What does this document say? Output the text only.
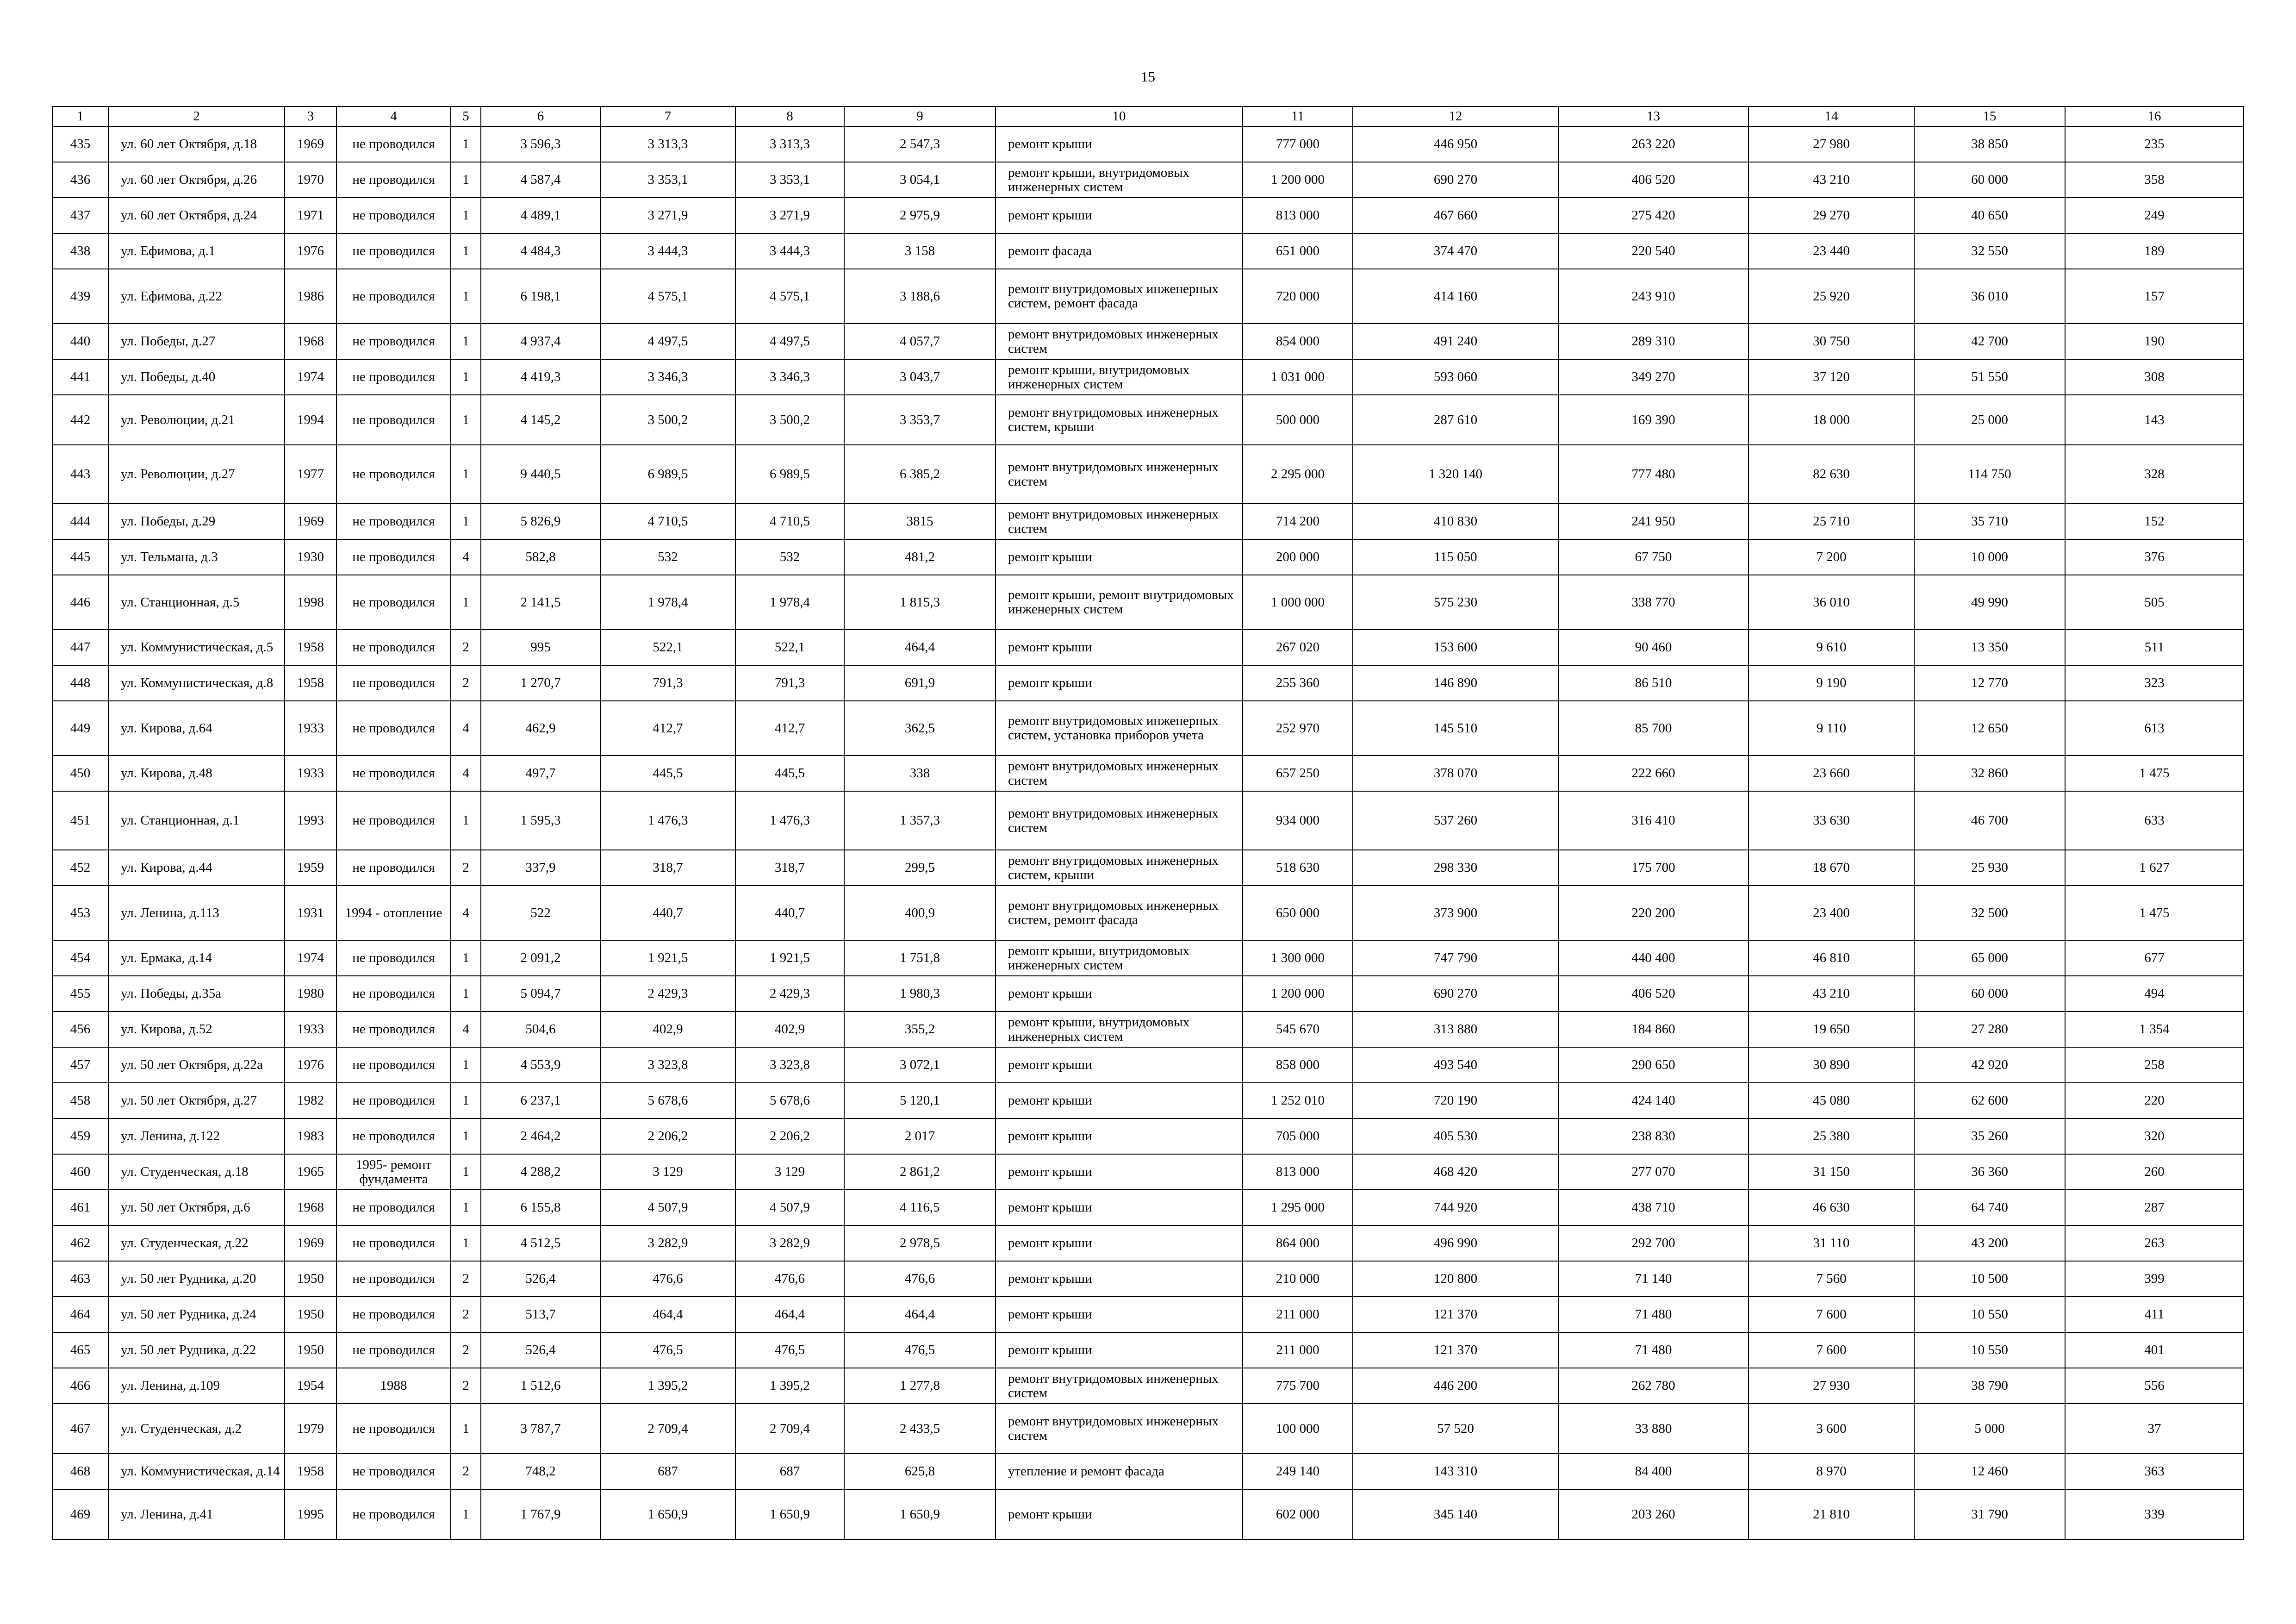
15
1	2	3	4	5	6	7	8	9	10	11	12	13	14	15	16
435	ул. 60 лет Октября, д.18	1969	не проводился	1	3 596,3	3 313,3	3 313,3	2 547,3	ремонт крыши	777 000	446 950	263 220	27 980	38 850	235
436	ул. 60 лет Октября, д.26	1970	не проводился	1	4 587,4	3 353,1	3 353,1	3 054,1	ремонт крыши, внутридомовых инженерных систем	1 200 000	690 270	406 520	43 210	60 000	358
437	ул. 60 лет Октября, д.24	1971	не проводился	1	4 489,1	3 271,9	3 271,9	2 975,9	ремонт крыши	813 000	467 660	275 420	29 270	40 650	249
438	ул. Ефимова, д.1	1976	не проводился	1	4 484,3	3 444,3	3 444,3	3 158	ремонт фасада	651 000	374 470	220 540	23 440	32 550	189
439	ул. Ефимова, д.22	1986	не проводился	1	6 198,1	4 575,1	4 575,1	3 188,6	ремонт внутридомовых инженерных систем, ремонт фасада	720 000	414 160	243 910	25 920	36 010	157
440	ул. Победы, д.27	1968	не проводился	1	4 937,4	4 497,5	4 497,5	4 057,7	ремонт внутридомовых инженерных систем	854 000	491 240	289 310	30 750	42 700	190
441	ул. Победы, д.40	1974	не проводился	1	4 419,3	3 346,3	3 346,3	3 043,7	ремонт крыши, внутридомовых инженерных систем	1 031 000	593 060	349 270	37 120	51 550	308
442	ул. Революции, д.21	1994	не проводился	1	4 145,2	3 500,2	3 500,2	3 353,7	ремонт внутридомовых инженерных систем, крыши	500 000	287 610	169 390	18 000	25 000	143
443	ул. Революции, д.27	1977	не проводился	1	9 440,5	6 989,5	6 989,5	6 385,2	ремонт внутридомовых инженерных систем	2 295 000	1 320 140	777 480	82 630	114 750	328
444	ул. Победы, д.29	1969	не проводился	1	5 826,9	4 710,5	4 710,5	3815	ремонт внутридомовых инженерных систем	714 200	410 830	241 950	25 710	35 710	152
445	ул. Тельмана, д.3	1930	не проводился	4	582,8	532	532	481,2	ремонт крыши	200 000	115 050	67 750	7 200	10 000	376
446	ул. Станционная, д.5	1998	не проводился	1	2 141,5	1 978,4	1 978,4	1 815,3	ремонт крыши, ремонт внутридомовых инженерных систем	1 000 000	575 230	338 770	36 010	49 990	505
447	ул. Коммунистическая, д.5	1958	не проводился	2	995	522,1	522,1	464,4	ремонт крыши	267 020	153 600	90 460	9 610	13 350	511
448	ул. Коммунистическая, д.8	1958	не проводился	2	1 270,7	791,3	791,3	691,9	ремонт крыши	255 360	146 890	86 510	9 190	12 770	323
449	ул. Кирова, д.64	1933	не проводился	4	462,9	412,7	412,7	362,5	ремонт внутридомовых инженерных систем, установка приборов учета	252 970	145 510	85 700	9 110	12 650	613
450	ул. Кирова, д.48	1933	не проводился	4	497,7	445,5	445,5	338	ремонт внутридомовых инженерных систем	657 250	378 070	222 660	23 660	32 860	1 475
451	ул. Станционная, д.1	1993	не проводился	1	1 595,3	1 476,3	1 476,3	1 357,3	ремонт внутридомовых инженерных систем	934 000	537 260	316 410	33 630	46 700	633
452	ул. Кирова, д.44	1959	не проводился	2	337,9	318,7	318,7	299,5	ремонт внутридомовых инженерных систем, крыши	518 630	298 330	175 700	18 670	25 930	1 627
453	ул. Ленина, д.113	1931	1994 - отопление	4	522	440,7	440,7	400,9	ремонт внутридомовых инженерных систем, ремонт фасада	650 000	373 900	220 200	23 400	32 500	1 475
454	ул. Ермака, д.14	1974	не проводился	1	2 091,2	1 921,5	1 921,5	1 751,8	ремонт крыши, внутридомовых инженерных систем	1 300 000	747 790	440 400	46 810	65 000	677
455	ул. Победы, д.35а	1980	не проводился	1	5 094,7	2 429,3	2 429,3	1 980,3	ремонт крыши	1 200 000	690 270	406 520	43 210	60 000	494
456	ул. Кирова, д.52	1933	не проводился	4	504,6	402,9	402,9	355,2	ремонт крыши, внутридомовых инженерных систем	545 670	313 880	184 860	19 650	27 280	1 354
457	ул. 50 лет Октября, д.22а	1976	не проводился	1	4 553,9	3 323,8	3 323,8	3 072,1	ремонт крыши	858 000	493 540	290 650	30 890	42 920	258
458	ул. 50 лет Октября, д.27	1982	не проводился	1	6 237,1	5 678,6	5 678,6	5 120,1	ремонт крыши	1 252 010	720 190	424 140	45 080	62 600	220
459	ул. Ленина, д.122	1983	не проводился	1	2 464,2	2 206,2	2 206,2	2 017	ремонт крыши	705 000	405 530	238 830	25 380	35 260	320
460	ул. Студенческая, д.18	1965	1995- ремонт фундамента	1	4 288,2	3 129	3 129	2 861,2	ремонт крыши	813 000	468 420	277 070	31 150	36 360	260
461	ул. 50 лет Октября, д.6	1968	не проводился	1	6 155,8	4 507,9	4 507,9	4 116,5	ремонт крыши	1 295 000	744 920	438 710	46 630	64 740	287
462	ул. Студенческая, д.22	1969	не проводился	1	4 512,5	3 282,9	3 282,9	2 978,5	ремонт крыши	864 000	496 990	292 700	31 110	43 200	263
463	ул. 50 лет Рудника, д.20	1950	не проводился	2	526,4	476,6	476,6	476,6	ремонт крыши	210 000	120 800	71 140	7 560	10 500	399
464	ул. 50 лет Рудника, д.24	1950	не проводился	2	513,7	464,4	464,4	464,4	ремонт крыши	211 000	121 370	71 480	7 600	10 550	411
465	ул. 50 лет Рудника, д.22	1950	не проводился	2	526,4	476,5	476,5	476,5	ремонт крыши	211 000	121 370	71 480	7 600	10 550	401
466	ул. Ленина, д.109	1954	1988	2	1 512,6	1 395,2	1 395,2	1 277,8	ремонт внутридомовых инженерных систем	775 700	446 200	262 780	27 930	38 790	556
467	ул. Студенческая, д.2	1979	не проводился	1	3 787,7	2 709,4	2 709,4	2 433,5	ремонт внутридомовых инженерных систем	100 000	57 520	33 880	3 600	5 000	37
468	ул. Коммунистическая, д.14	1958	не проводился	2	748,2	687	687	625,8	утепление и ремонт фасада	249 140	143 310	84 400	8 970	12 460	363
469	ул. Ленина, д.41	1995	не проводился	1	1 767,9	1 650,9	1 650,9	1 650,9	ремонт крыши	602 000	345 140	203 260	21 810	31 790	339
